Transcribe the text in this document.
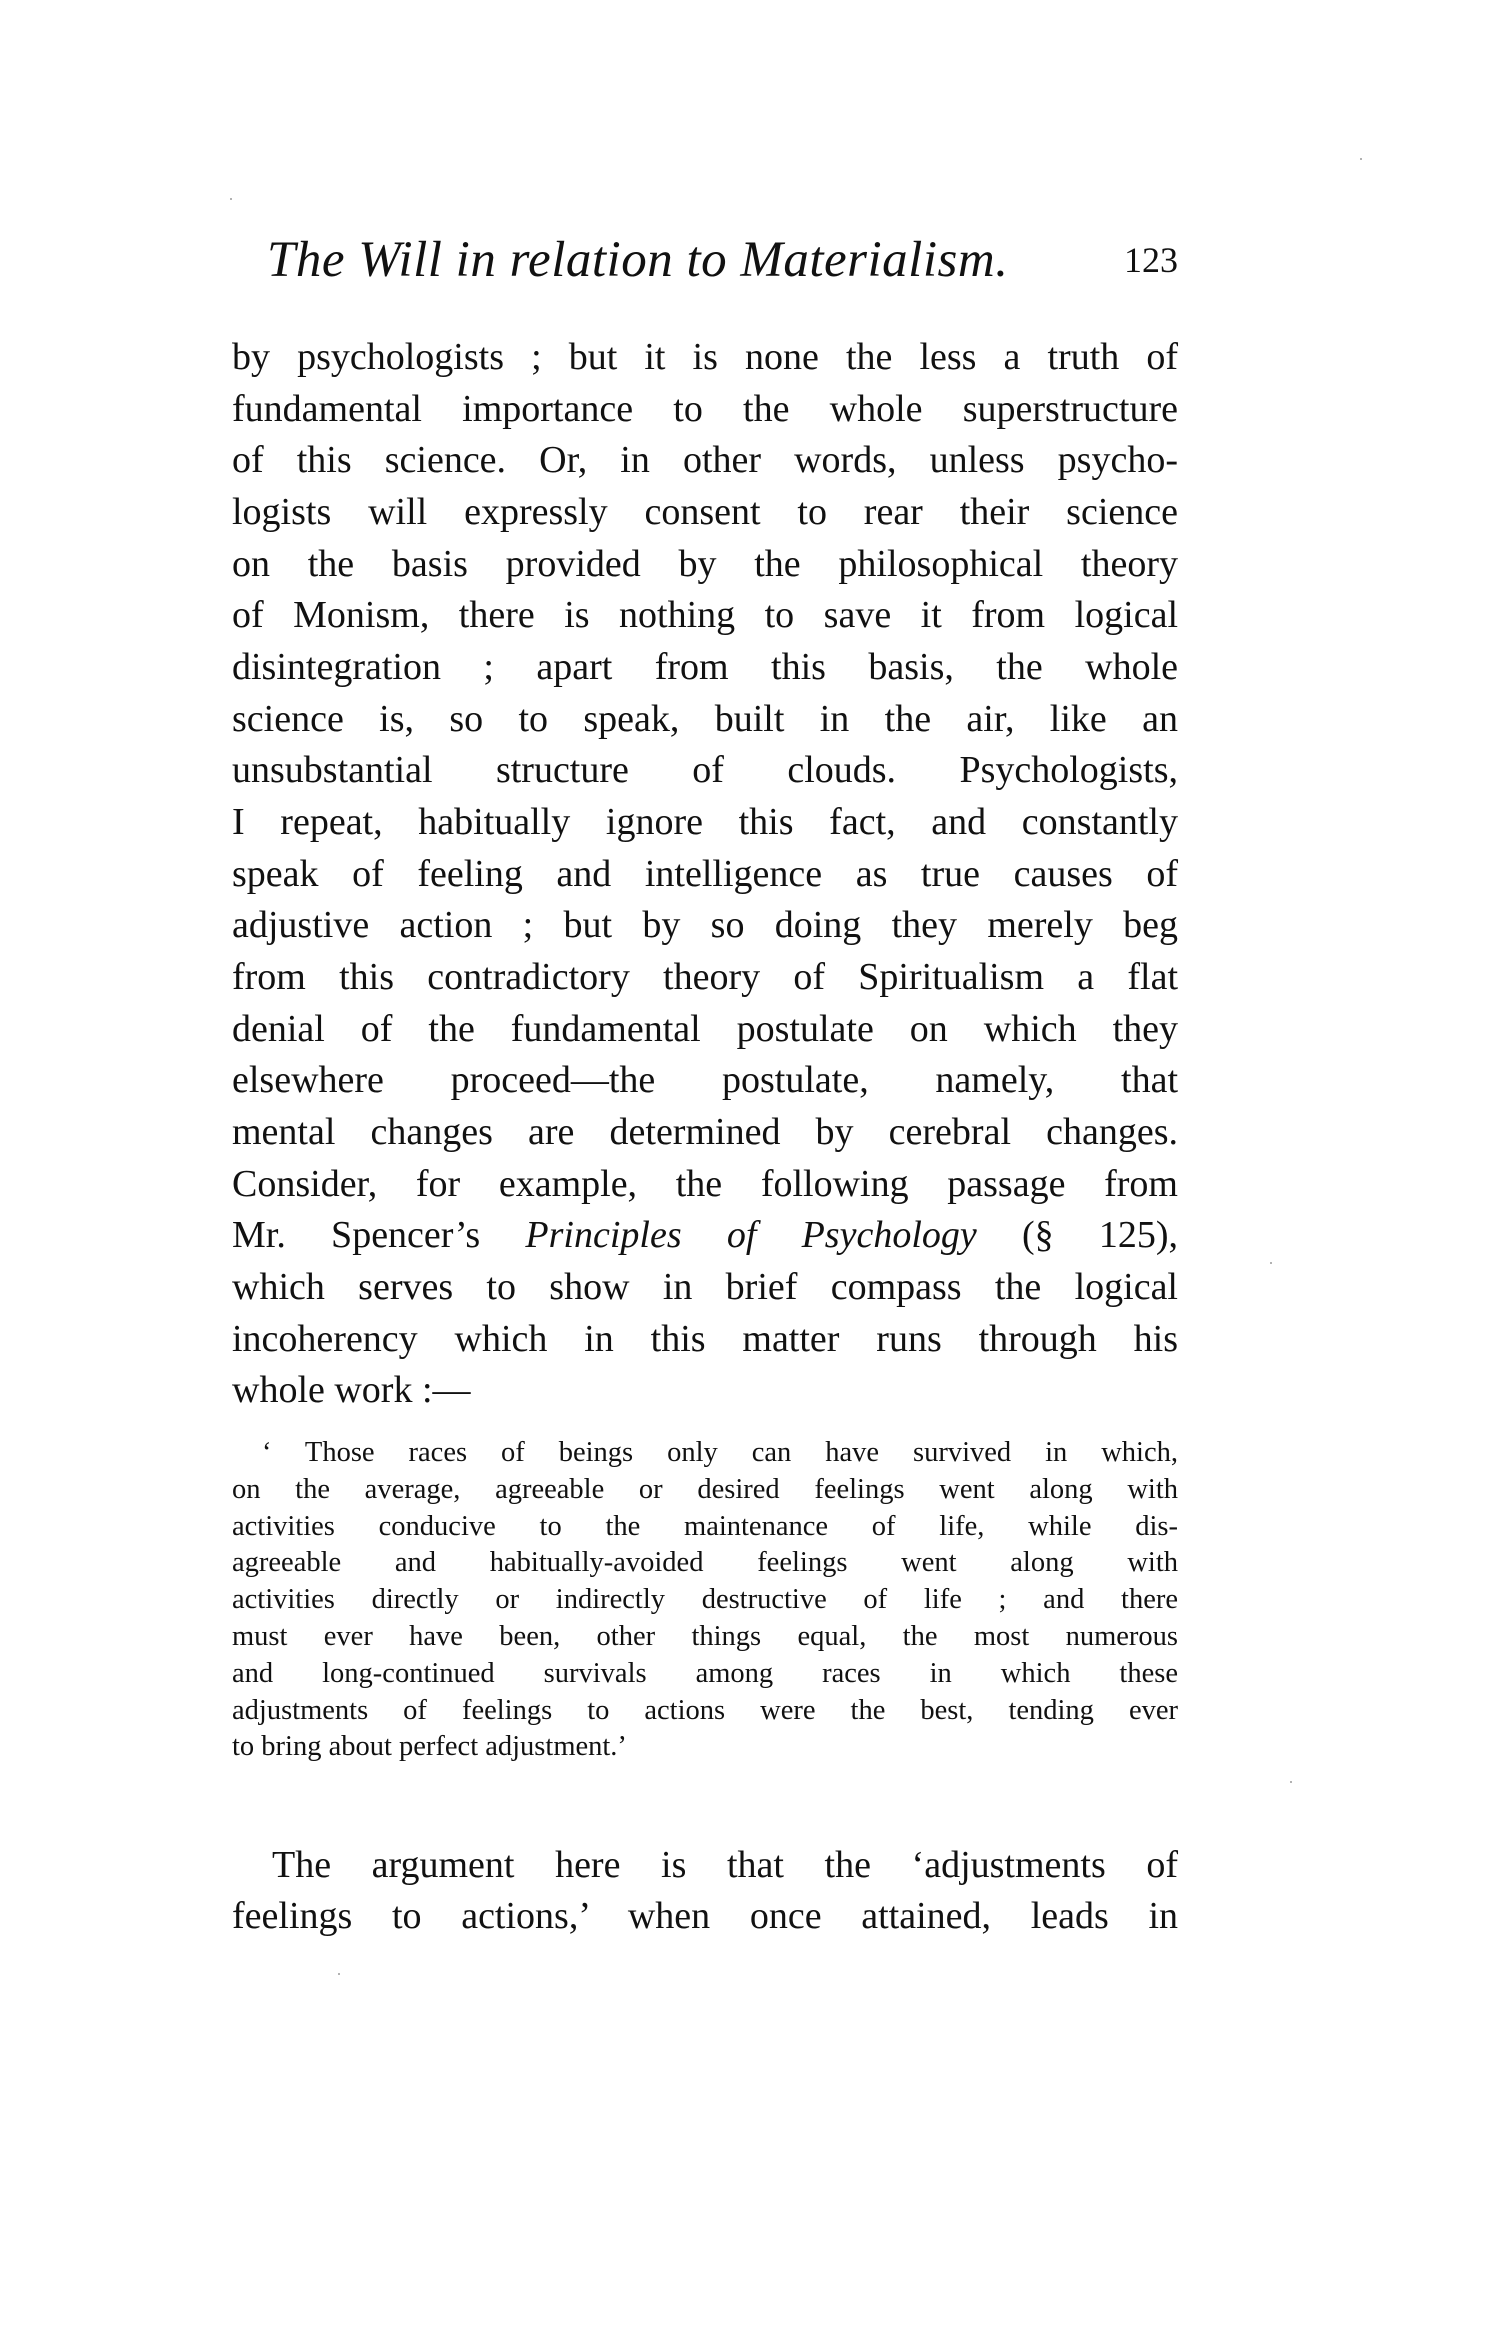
The Will in relation to Materialism.	123
by psychologists ; but it is none the less a truth of
fundamental importance to the whole superstructure
of this science. Or, in other words, unless psycho-
logists will expressly consent to rear their science
on the basis provided by the philosophical theory
of Monism, there is nothing to save it from logical
disintegration ; apart from this basis, the whole
science is, so to speak, built in the air, like an
unsubstantial structure of clouds. Psychologists,
I repeat, habitually ignore this fact, and constantly
speak of feeling and intelligence as true causes of
adjustive action ; but by so doing they merely beg
from this contradictory theory of Spiritualism a flat
denial of the fundamental postulate on which they
elsewhere proceed—the postulate, namely, that
mental changes are determined by cerebral changes.
Consider, for example, the following passage from
Mr. Spencer’s Principles of Psychology (§ 125),
which serves to show in brief compass the logical
incoherency which in this matter runs through his
whole work :—
‘ Those races of beings only can have survived in which,
on the average, agreeable or desired feelings went along with
activities conducive to the maintenance of life, while dis-
agreeable and habitually-avoided feelings went along with
activities directly or indirectly destructive of life ; and there
must ever have been, other things equal, the most numerous
and long-continued survivals among races in which these
adjustments of feelings to actions were the best, tending ever
to bring about perfect adjustment.’
The argument here is that the ‘adjustments of
feelings to actions,’ when once attained, leads in
